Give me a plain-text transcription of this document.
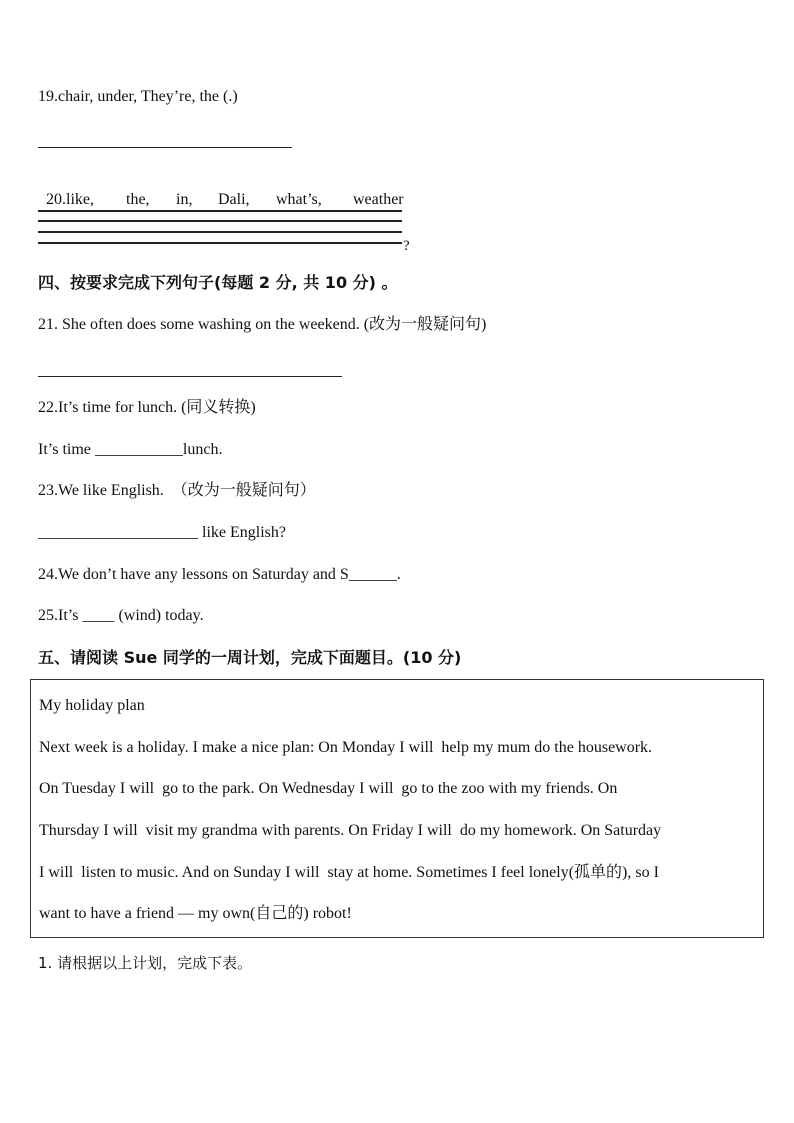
19.chair, under, They’re, the (.)

20.like, the, in, Dali, what’s, weather

?
四、按要求完成下列句子(每题 2 分, 共 10 分) 。
21. She often does some washing on the weekend. (改为一般疑问句)
22.It’s time for lunch. (同义转换)
It’s time ___________lunch.
23.We like English.  （改为一般疑问句）
____________________ like English?
24.We don’t have any lessons on Saturday and S______.
25.It’s ____ (wind) today.
五、请阅读 Sue 同学的一周计划，完成下面题目。(10 分)
My holiday plan
Next week is a holiday. I make a nice plan: On Monday I will  help my mum do the housework.
On Tuesday I will  go to the park. On Wednesday I will  go to the zoo with my friends. On
Thursday I will  visit my grandma with parents. On Friday I will  do my homework. On Saturday
I will  listen to music. And on Sunday I will  stay at home. Sometimes I feel lonely(孤单的), so I
want to have a friend — my own(自己的) robot!
1. 请根据以上计划，完成下表。
